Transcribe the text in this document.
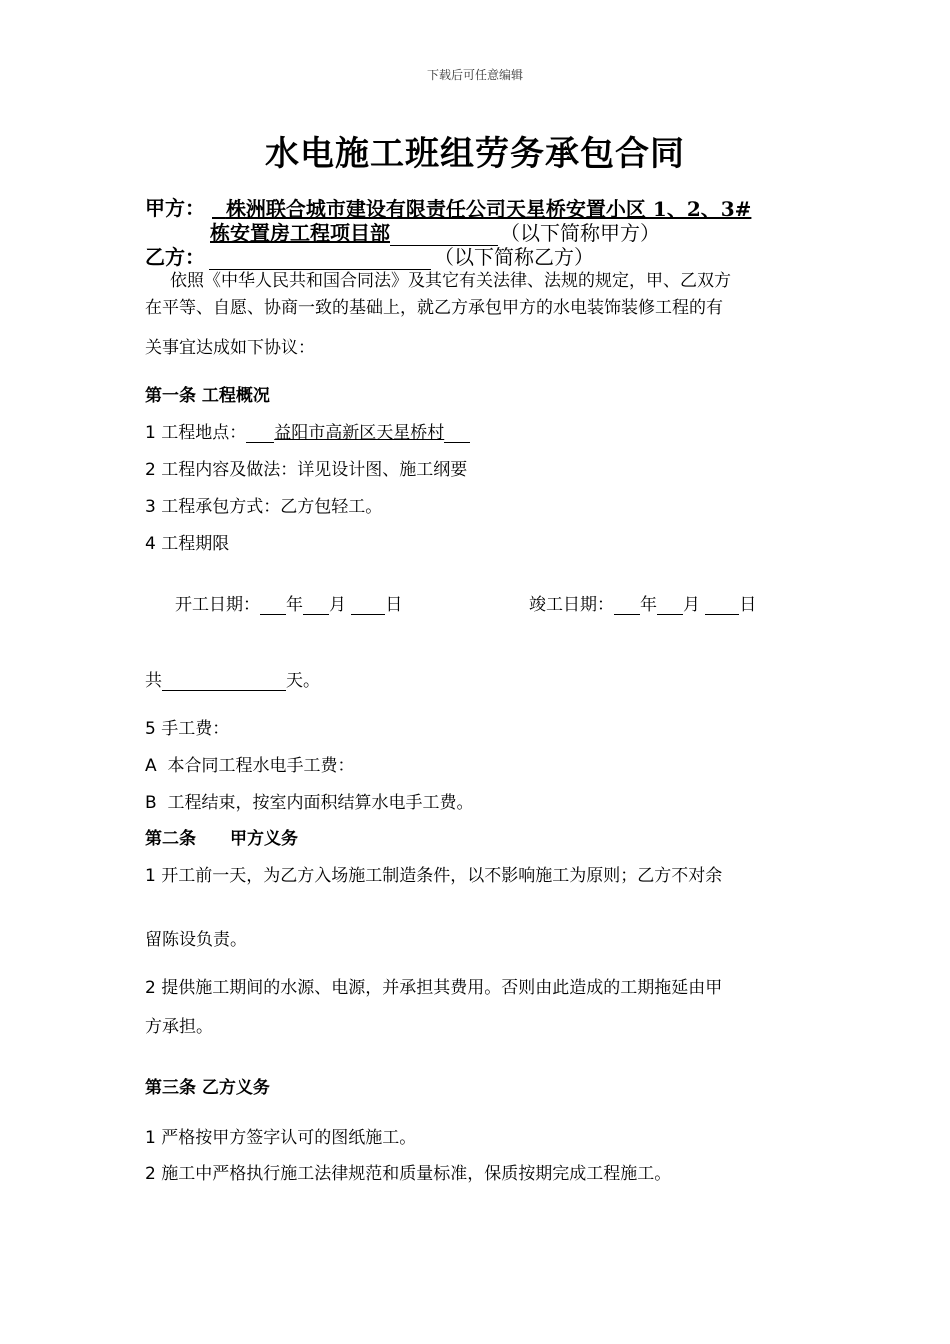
下载后可任意编辑
水电施工班组劳务承包合同
甲方：	株洲联合城市建设有限责任公司天星桥安置小区 1、2、3#
栋安置房工程项目部	（以下简称甲方）
乙方：	（以下简称乙方）
依照《中华人民共和国合同法》及其它有关法律、法规的规定，甲、乙双方
在平等、自愿、协商一致的基础上，就乙方承包甲方的水电装饰装修工程的有
关事宜达成如下协议：
第一条 工程概况
1 工程地点： 益阳市高新区天星桥村
2 工程内容及做法：详见设计图、施工纲要
3 工程承包方式：乙方包轻工。
4 工程期限
开工日期： 年 月 日	竣工日期： 年 月 日
共	天。
5 手工费：
A 本合同工程水电手工费：
B 工程结束，按室内面积结算水电手工费。
第二条　　甲方义务
1 开工前一天，为乙方入场施工制造条件，以不影响施工为原则；乙方不对余
留陈设负责。
2 提供施工期间的水源、电源，并承担其费用。否则由此造成的工期拖延由甲
方承担。
第三条 乙方义务
1 严格按甲方签字认可的图纸施工。
2 施工中严格执行施工法律规范和质量标准，保质按期完成工程施工。
